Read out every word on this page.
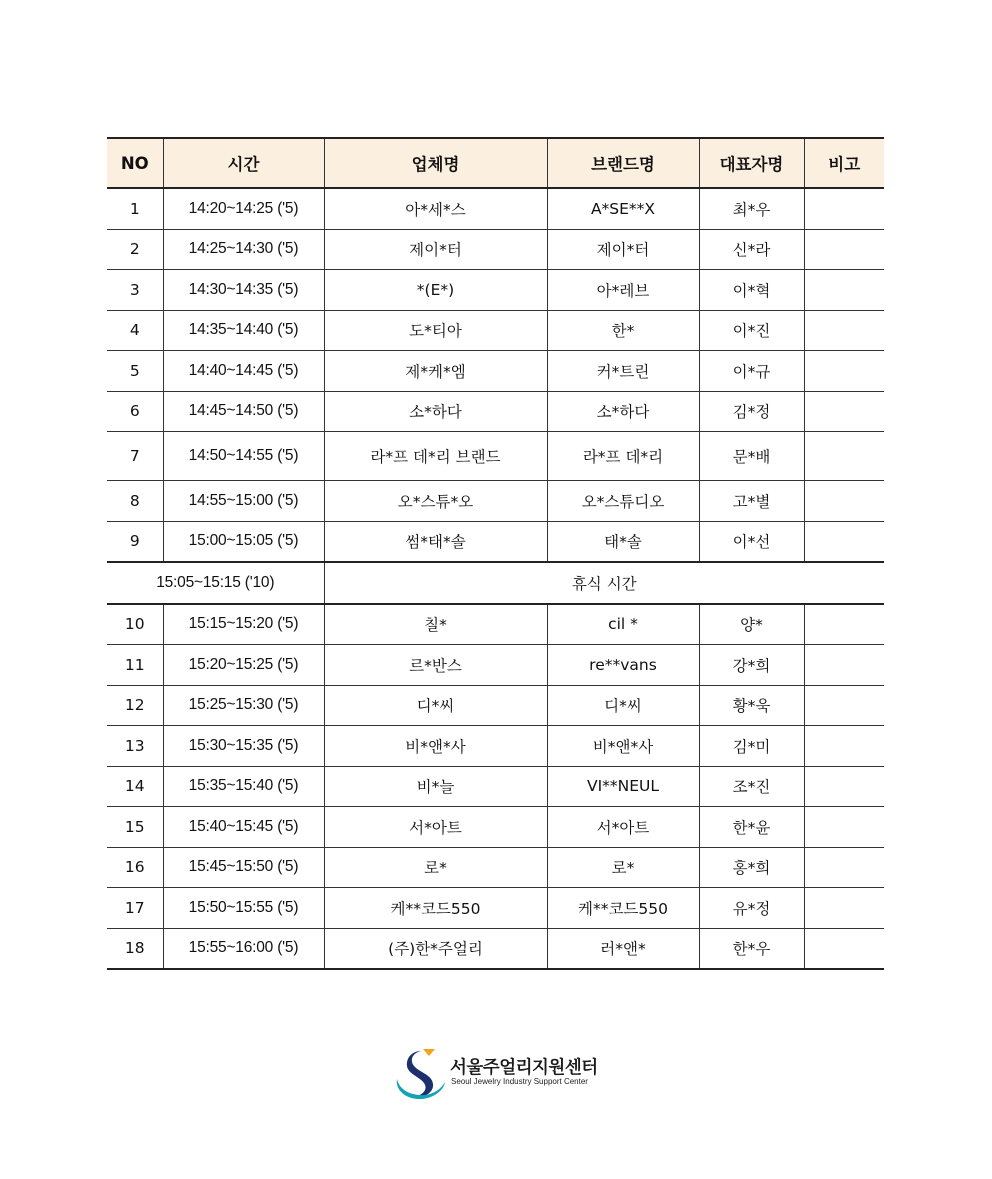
NO	시간	업체명	브랜드명	대표자명	비고
1	14:20~14:25 ('5)	아*세*스	A*SE**X	최*우	
2	14:25~14:30 ('5)	제이*터	제이*터	신*라	
3	14:30~14:35 ('5)	*(E*)	아*레브	이*혁	
4	14:35~14:40 ('5)	도*티아	한*	이*진	
5	14:40~14:45 ('5)	제*케*엠	커*트린	이*규	
6	14:45~14:50 ('5)	소*하다	소*하다	김*정	
7	14:50~14:55 ('5)	라*프 데*리 브랜드	라*프 데*리	문*배	
8	14:55~15:00 ('5)	오*스튜*오	오*스튜디오	고*별	
9	15:00~15:05 ('5)	썸*태*솔	태*솔	이*선	
15:05~15:15 ('10)		휴식 시간			
10	15:15~15:20 ('5)	칠*	cil *	양*	
11	15:20~15:25 ('5)	르*반스	re**vans	강*희	
12	15:25~15:30 ('5)	디*씨	디*씨	황*욱	
13	15:30~15:35 ('5)	비*앤*사	비*앤*사	김*미	
14	15:35~15:40 ('5)	비*늘	VI**NEUL	조*진	
15	15:40~15:45 ('5)	서*아트	서*아트	한*윤	
16	15:45~15:50 ('5)	로*	로*	홍*희	
17	15:50~15:55 ('5)	케**코드550	케**코드550	유*정	
18	15:55~16:00 ('5)	(주)한*주얼리	러*앤*	한*우	
서울주얼리지원센터
Seoul Jewelry Industry Support Center
